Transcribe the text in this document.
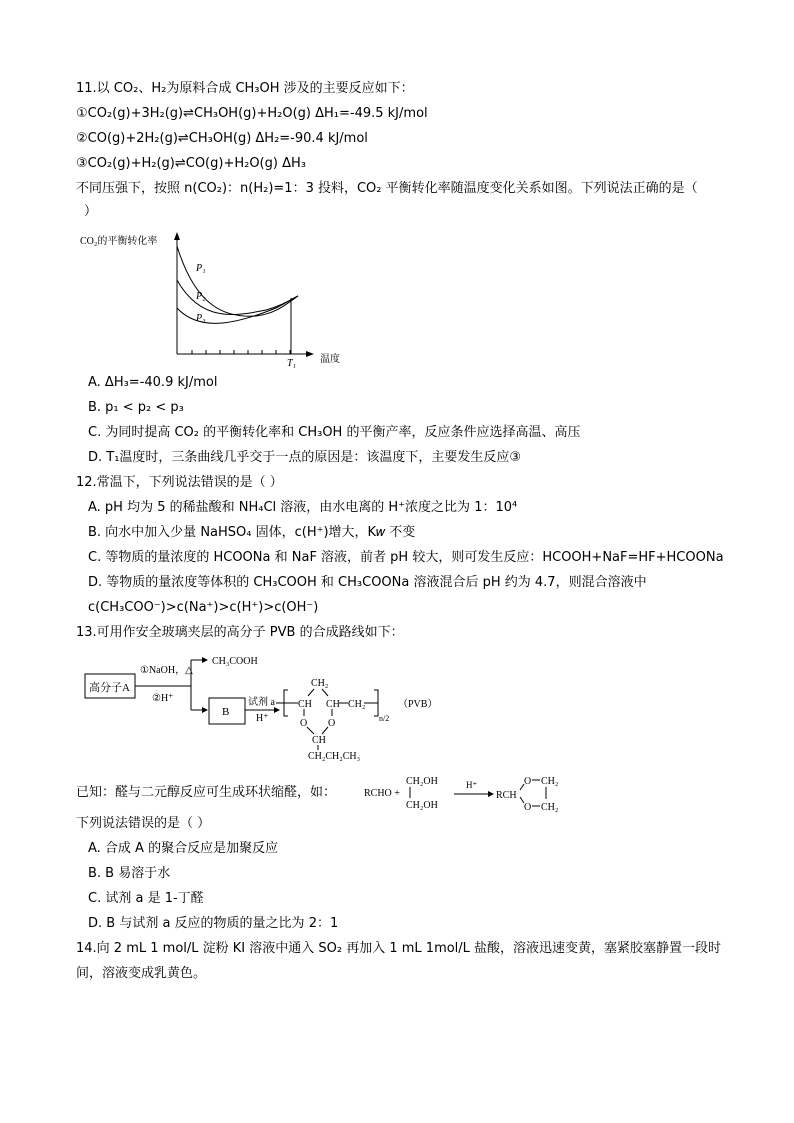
11.以 CO₂、H₂为原料合成 CH₃OH 涉及的主要反应如下：
①CO₂(g)+3H₂(g)⇌CH₃OH(g)+H₂O(g) ΔH₁=-49.5 kJ/mol
②CO(g)+2H₂(g)⇌CH₃OH(g) ΔH₂=-90.4 kJ/mol
③CO₂(g)+H₂(g)⇌CO(g)+H₂O(g) ΔH₃
不同压强下，按照 n(CO₂)：n(H₂)=1：3 投料，CO₂ 平衡转化率随温度变化关系如图。下列说法正确的是（
）
CO₂的平衡转化率
温度
P₁
P₂
P₃
T₁
A. ΔH₃=-40.9 kJ/mol
B. p₁ < p₂ < p₃
C. 为同时提高 CO₂ 的平衡转化率和 CH₃OH 的平衡产率，反应条件应选择高温、高压
D. T₁温度时，三条曲线几乎交于一点的原因是：该温度下，主要发生反应③
12.常温下，下列说法错误的是（ ）
A. pH 均为 5 的稀盐酸和 NH₄Cl 溶液，由水电离的 H⁺浓度之比为 1：10⁴
B. 向水中加入少量 NaHSO₄ 固体，c(H⁺)增大，K𝑤 不变
C. 等物质的量浓度的 HCOONa 和 NaF 溶液，前者 pH 较大，则可发生反应：HCOOH+NaF=HF+HCOONa
D. 等物质的量浓度等体积的 CH₃COOH 和 CH₃COONa 溶液混合后 pH 约为 4.7，则混合溶液中
c(CH₃COO⁻)>c(Na⁺)>c(H⁺)>c(OH⁻)
13.可用作安全玻璃夹层的高分子 PVB 的合成路线如下：
高分子A
①NaOH，△
②H⁺
CH₃COOH
B
试剂 a
H⁺
CH
CH₂
CH CH₂
n/2
（PVB）
O O
CH
CH₂CH₂CH₃
已知：醛与二元醇反应可生成环状缩醛，如：	RCHO +
CH₂OH
CH₂OH
H⁺
RCH
O
O
CH₂
CH₂
下列说法错误的是（ ）
A. 合成 A 的聚合反应是加聚反应
B. B 易溶于水
C. 试剂 a 是 1-丁醛
D. B 与试剂 a 反应的物质的量之比为 2：1
14.向 2 mL 1 mol/L 淀粉 KI 溶液中通入 SO₂ 再加入 1 mL 1mol/L 盐酸，溶液迅速变黄，塞紧胶塞静置一段时
间，溶液变成乳黄色。
